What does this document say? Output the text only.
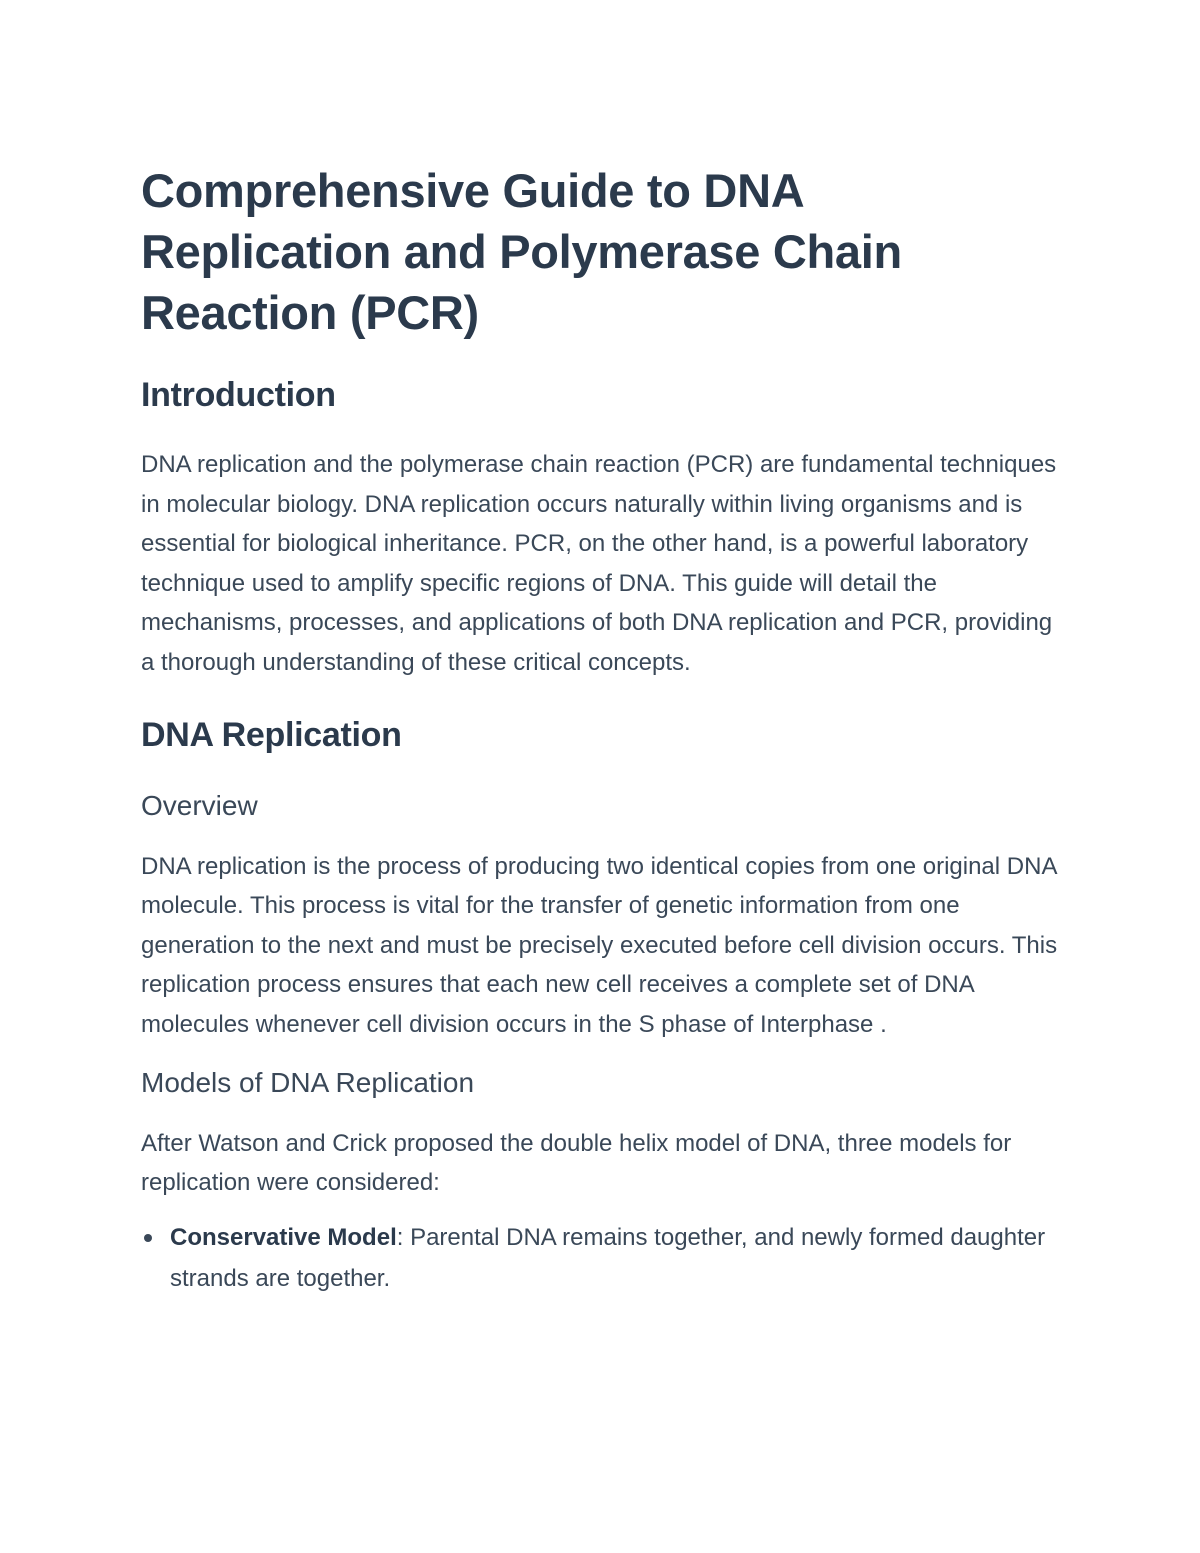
Comprehensive Guide to DNA Replication and Polymerase Chain Reaction (PCR)
Introduction

DNA replication and the polymerase chain reaction (PCR) are fundamental techniques in molecular biology. DNA replication occurs naturally within living organisms and is essential for biological inheritance. PCR, on the other hand, is a powerful laboratory technique used to amplify specific regions of DNA. This guide will detail the mechanisms, processes, and applications of both DNA replication and PCR, providing a thorough understanding of these critical concepts.

DNA Replication
Overview

DNA replication is the process of producing two identical copies from one original DNA molecule. This process is vital for the transfer of genetic information from one generation to the next and must be precisely executed before cell division occurs. This replication process ensures that each new cell receives a complete set of DNA molecules whenever cell division occurs in the S phase of Interphase .

Models of DNA Replication

After Watson and Crick proposed the double helix model of DNA, three models for replication were considered:

Conservative Model: Parental DNA remains together, and newly formed daughter strands are together.
